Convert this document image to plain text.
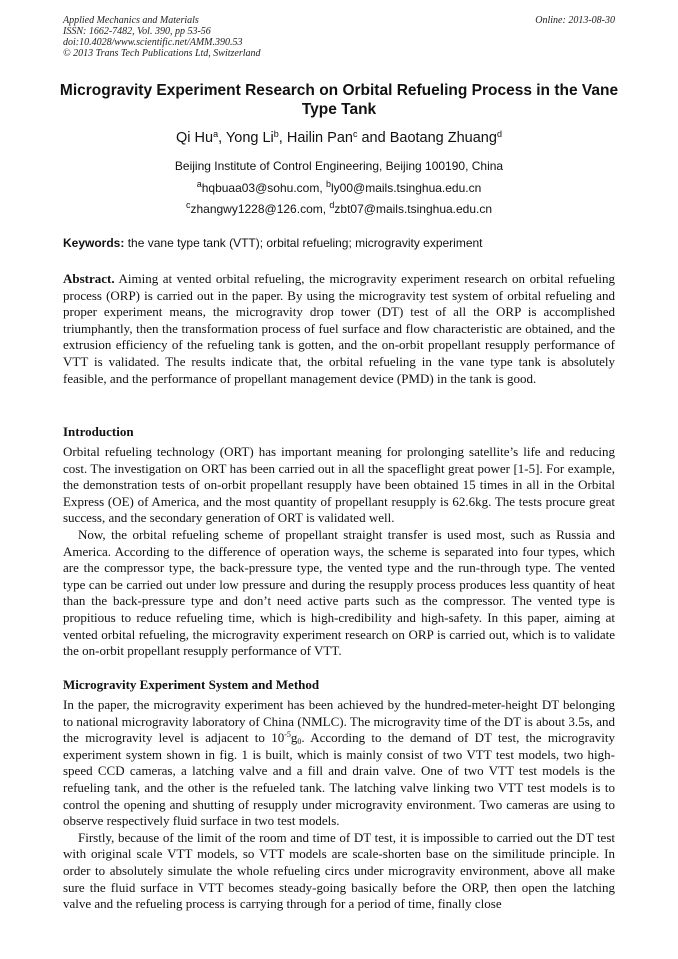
Applied Mechanics and Materials
ISSN: 1662-7482, Vol. 390, pp 53-56
doi:10.4028/www.scientific.net/AMM.390.53
© 2013 Trans Tech Publications Ltd, Switzerland
Online: 2013-08-30
Microgravity Experiment Research on Orbital Refueling Process in the Vane Type Tank
Qi Hu$^a$, Yong Li$^b$, Hailin Pan$^c$ and Baotang Zhuang$^d$
Beijing Institute of Control Engineering, Beijing 100190, China
$^a$hqbuaa03@sohu.com, $^b$ly00@mails.tsinghua.edu.cn
$^c$zhangwy1228@126.com, $^d$zbt07@mails.tsinghua.edu.cn
Keywords: the vane type tank (VTT); orbital refueling; microgravity experiment

Abstract. Aiming at vented orbital refueling, the microgravity experiment research on orbital refueling process (ORP) is carried out in the paper. By using the microgravity test system of orbital refueling and proper experiment means, the microgravity drop tower (DT) test of all the ORP is accomplished triumphantly, then the transformation process of fuel surface and flow characteristic are obtained, and the extrusion efficiency of the refueling tank is gotten, and the on-orbit propellant resupply performance of VTT is validated. The results indicate that, the orbital refueling in the vane type tank is absolutely feasible, and the performance of propellant management device (PMD) in the tank is good.

Introduction

Orbital refueling technology (ORT) has important meaning for prolonging satellite’s life and reducing cost. The investigation on ORT has been carried out in all the spaceflight great power [1-5]. For example, the demonstration tests of on-orbit propellant resupply have been obtained 15 times in all in the Orbital Express (OE) of America, and the most quantity of propellant resupply is 62.6kg. The tests procure great success, and the secondary generation of ORT is validated well.

Now, the orbital refueling scheme of propellant straight transfer is used most, such as Russia and America. According to the difference of operation ways, the scheme is separated into four types, which are the compressor type, the back-pressure type, the vented type and the run-through type. The vented type can be carried out under low pressure and during the resupply process produces less quantity of heat than the back-pressure type and don’t need active parts such as the compressor. The vented type is propitious to reduce refueling time, which is high-credibility and high-safety. In this paper, aiming at vented orbital refueling, the microgravity experiment research on ORP is carried out, which is to validate the on-orbit propellant resupply performance of VTT.

Microgravity Experiment System and Method

In the paper, the microgravity experiment has been achieved by the hundred-meter-height DT belonging to national microgravity laboratory of China (NMLC). The microgravity time of the DT is about 3.5s, and the microgravity level is adjacent to $10^{-5}g_0$. According to the demand of DT test, the microgravity experiment system shown in fig. 1 is built, which is mainly consist of two VTT test models, two high-speed CCD cameras, a latching valve and a fill and drain valve. One of two VTT test models is the refueling tank, and the other is the refueled tank. The latching valve linking two VTT test models is to control the opening and shutting of resupply under microgravity environment. Two cameras are using to observe respectively fluid surface in two test models.

Firstly, because of the limit of the room and time of DT test, it is impossible to carried out the DT test with original scale VTT models, so VTT models are scale-shorten base on the similitude principle. In order to absolutely simulate the whole refueling circs under microgravity environment, above all make sure the fluid surface in VTT becomes steady-going basically before the ORP, then open the latching valve and the refueling process is carrying through for a period of time, finally close
